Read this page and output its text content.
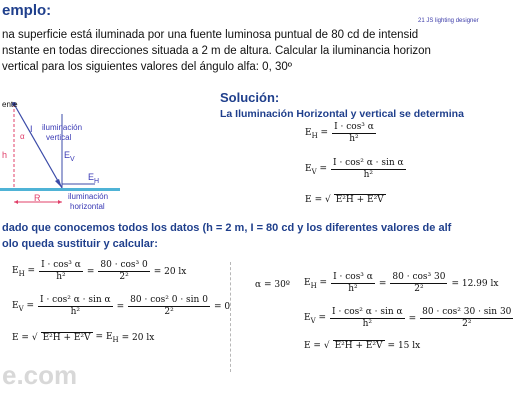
emplo:
21 JS lighting designer
na superficie está iluminada por una fuente luminosa puntual de 80 cd de intensid
nstante en todas direcciones situada a 2 m de altura. Calcular la iluminancia horizon
vertical para los siguientes valores del ángulo alfa: 0, 30º
ente
I
α
h
iluminación
vertical
$E_V$
$E_H$
R	iluminación
horizontal
Solución:
La Iluminación Horizontal y vertical se determina
$E_H = \frac{\text{I · cos³ α}}{\text{h²}}$
$E_V = \frac{\text{I · cos² α · sin α}}{\text{h²}}$
E = √ E²H + E²V
dado que conocemos todos los datos (h = 2 m, I = 80 cd y los diferentes valores de alf
olo queda sustituir y calcular:
$E_H = \frac{\text{I · cos³ α}}{\text{h²}} = \frac{\text{80 · cos³ 0}}{\text{2²}} = 20$ lx
$E_V = \frac{\text{I · cos² α · sin α}}{\text{h²}} = \frac{\text{80 · cos² 0 · sin 0}}{\text{2²}} = 0$
E = √ $E^2H + E^2V = E_H = 20$ lx
α = 30º $E_H = \frac{\text{I · cos³ α}}{\text{h²}} = \frac{\text{80 · cos³ 30}}{\text{2²}} = 12.99$ lx
$E_V = \frac{\text{I · cos² α · sin α}}{\text{h²}} = \frac{\text{80 · cos² 30 · sin 30}}{\text{2²}}$
E = √ E²H + E²V = 15 lx
e.com
